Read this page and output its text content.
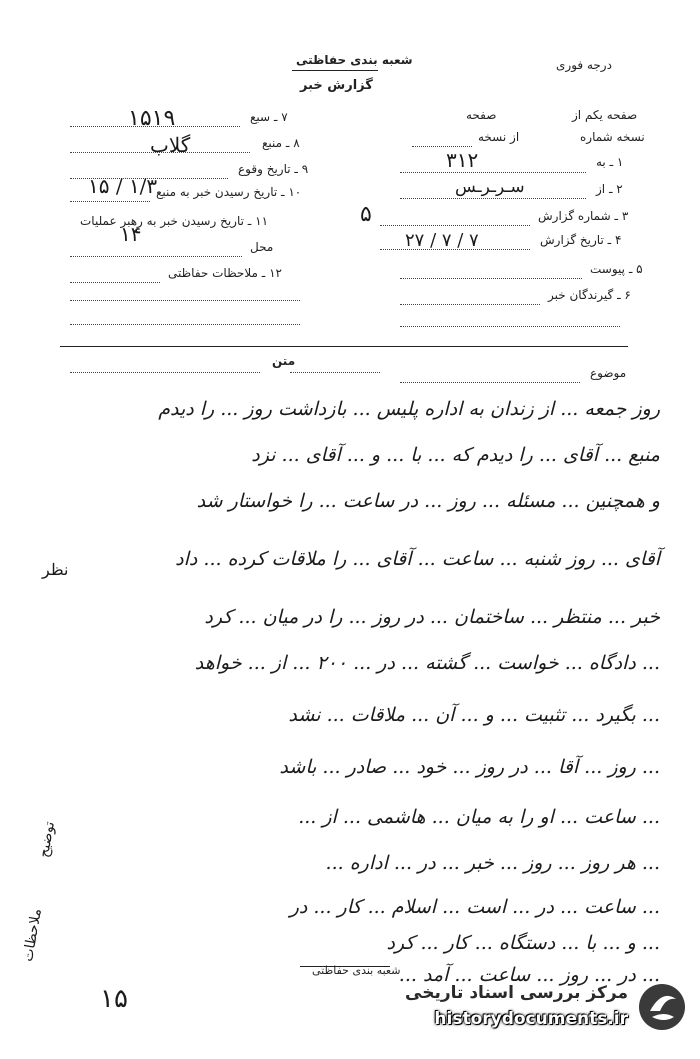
درجه فوری
شعبه بندی حفاظتی
گزارش خبر
۷ ـ سبع
۱۵۱۹
۸ ـ منبع
گلاب
۹ ـ تاریخ وقوع
۱۰ ـ تاریخ رسیدن خبر به منبع
۱/۳ / ۱۵
۱۱ ـ تاریخ رسیدن خبر به رهبر عملیات
۱۴
محل
۱۲ ـ ملاحظات حفاظتی
صفحه یکم از
صفحه
نسخه شماره
از نسخه
۱ ـ به
۳۱۲
۲ ـ از
سـرـرـس
۳ ـ شماره گزارش
۵
۴ ـ تاریخ گزارش
۷ / ۷ / ۲۷
۵ ـ پیوست
۶ ـ گیرندگان خبر
موضوع
متن
روز جمعه ... از زندان به اداره پلیس ... بازداشت روز ... را دیدم
منبع ... آقای ... را دیدم که ... با ... و ... آقای ... نزد
و همچنین ... مسئله ... روز ... در ساعت ... را خواستار شد
آقای ... روز شنبه ... ساعت ... آقای ... را ملاقات کرده ... داد
خبر ... منتظر ... ساختمان ... در روز ... را در میان ... کرد
... دادگاه ... خواست ... گشته ... در ... ۲۰۰ ... از ... خواهد
... بگیرد ... تثبیت ... و ... آن ... ملاقات ... نشد
... روز ... آقا ... در روز ... خود ... صادر ... باشد
... ساعت ... او را به میان ... هاشمی ... از ...
... هر روز ... روز ... خبر ... در ... اداره ...
... ساعت ... در ... است ... اسلام ... کار ... در
... و ... با ... دستگاه ... کار ... کرد
... در ... روز ... ساعت ... آمد ...
نظر
توضیح
ملاحظات
۱۵
شعبه بندی حفاظتی
مرکز بررسی اسناد تاریخی
historydocuments.ir
